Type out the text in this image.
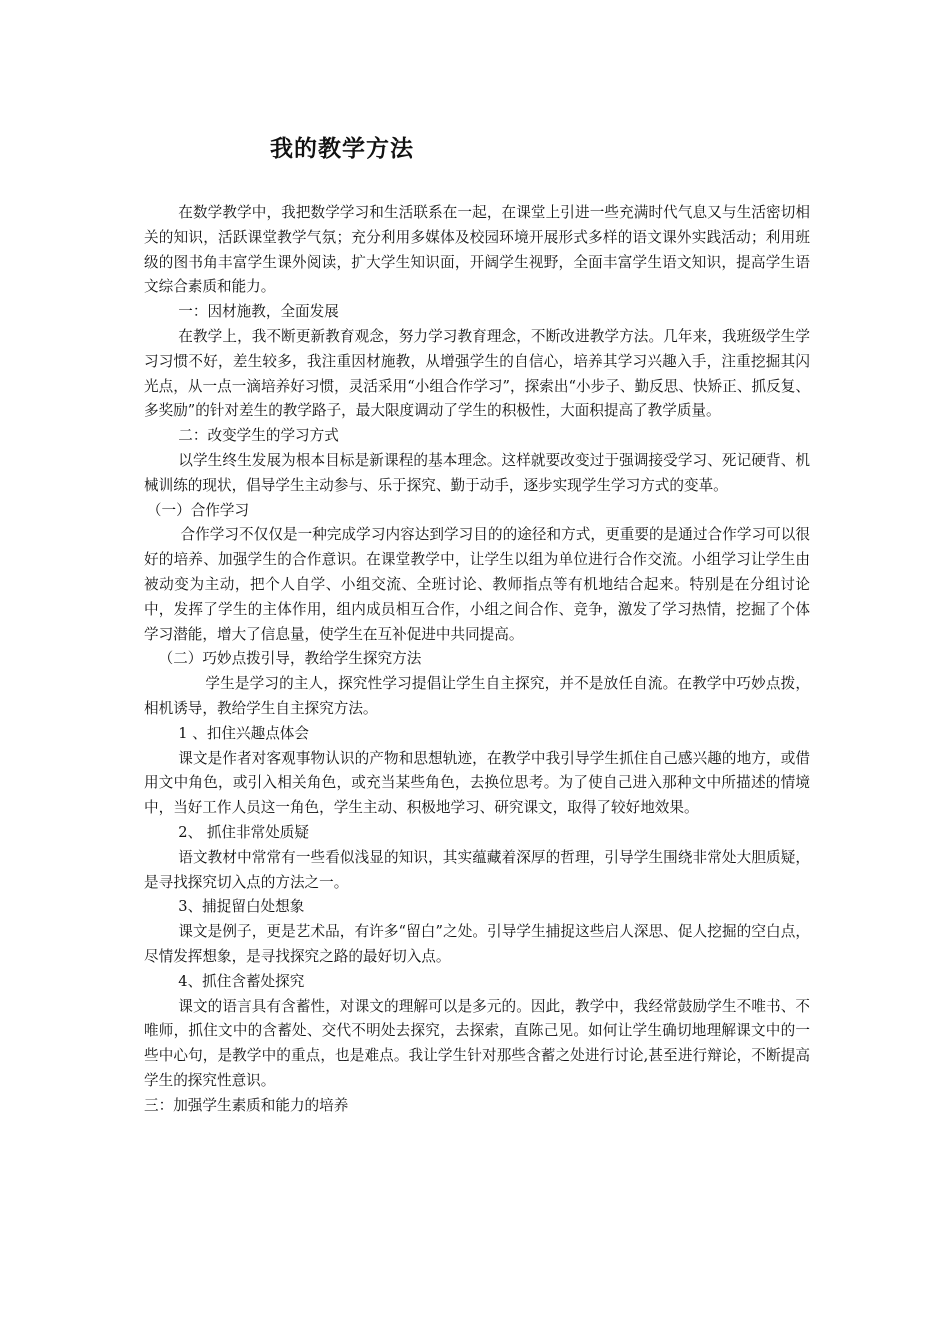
我的教学方法

在数学教学中，我把数学学习和生活联系在一起，在课堂上引进一些充满时代气息又与生活密切相关的知识，活跃课堂教学气氛；充分利用多媒体及校园环境开展形式多样的语文课外实践活动；利用班级的图书角丰富学生课外阅读，扩大学生知识面，开阔学生视野，全面丰富学生语文知识，提高学生语文综合素质和能力。

一：因材施教，全面发展

在教学上，我不断更新教育观念，努力学习教育理念，不断改进教学方法。几年来，我班级学生学习习惯不好，差生较多，我注重因材施教，从增强学生的自信心，培养其学习兴趣入手，注重挖掘其闪光点，从一点一滴培养好习惯，灵活采用“小组合作学习”，探索出“小步子、勤反思、快矫正、抓反复、多奖励”的针对差生的教学路子，最大限度调动了学生的积极性，大面积提高了教学质量。

二：改变学生的学习方式

以学生终生发展为根本目标是新课程的基本理念。这样就要改变过于强调接受学习、死记硬背、机械训练的现状，倡导学生主动参与、乐于探究、勤于动手，逐步实现学生学习方式的变革。

（一）合作学习

合作学习不仅仅是一种完成学习内容达到学习目的的途径和方式，更重要的是通过合作学习可以很好的培养、加强学生的合作意识。在课堂教学中，让学生以组为单位进行合作交流。小组学习让学生由被动变为主动，把个人自学、小组交流、全班讨论、教师指点等有机地结合起来。特别是在分组讨论中，发挥了学生的主体作用，组内成员相互合作，小组之间合作、竞争，激发了学习热情，挖掘了个体学习潜能，增大了信息量，使学生在互补促进中共同提高。

（二）巧妙点拨引导，教给学生探究方法

学生是学习的主人，探究性学习提倡让学生自主探究，并不是放任自流。在教学中巧妙点拨，相机诱导，教给学生自主探究方法。

1 、扣住兴趣点体会

课文是作者对客观事物认识的产物和思想轨迹，在教学中我引导学生抓住自己感兴趣的地方，或借用文中角色，或引入相关角色，或充当某些角色，去换位思考。为了使自己进入那种文中所描述的情境中，当好工作人员这一角色，学生主动、积极地学习、研究课文，取得了较好地效果。

2、 抓住非常处质疑

语文教材中常常有一些看似浅显的知识，其实蕴藏着深厚的哲理，引导学生围绕非常处大胆质疑，是寻找探究切入点的方法之一。

3、捕捉留白处想象

课文是例子，更是艺术品，有许多“留白”之处。引导学生捕捉这些启人深思、促人挖掘的空白点，尽情发挥想象，是寻找探究之路的最好切入点。

4、抓住含蓄处探究

课文的语言具有含蓄性，对课文的理解可以是多元的。因此，教学中，我经常鼓励学生不唯书、不唯师，抓住文中的含蓄处、交代不明处去探究，去探索，直陈己见。如何让学生确切地理解课文中的一些中心句，是教学中的重点，也是难点。我让学生针对那些含蓄之处进行讨论,甚至进行辩论，不断提高学生的探究性意识。

三：加强学生素质和能力的培养
